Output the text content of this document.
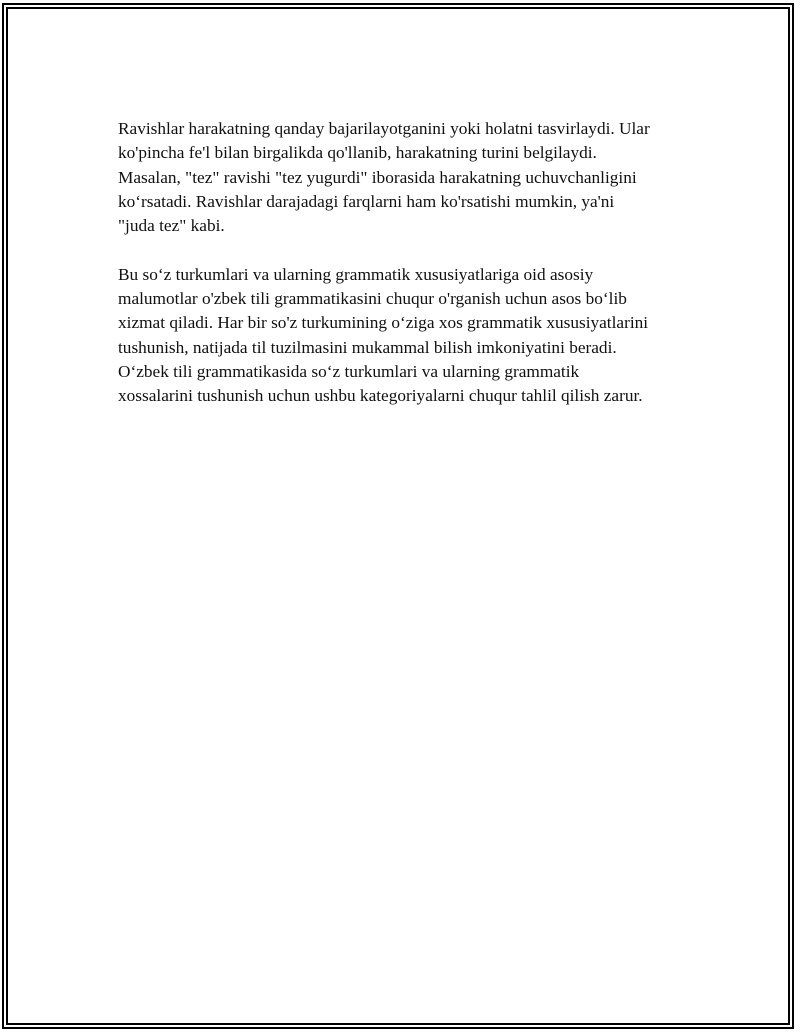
Ravishlar harakatning qanday bajarilayotganini yoki holatni tasvirlaydi. Ular
ko'pincha fe'l bilan birgalikda qo'llanib, harakatning turini belgilaydi.
Masalan, "tez" ravishi "tez yugurdi" iborasida harakatning uchuvchanligini
ko‘rsatadi. Ravishlar darajadagi farqlarni ham ko'rsatishi mumkin, ya'ni
"juda tez" kabi.

Bu so‘z turkumlari va ularning grammatik xususiyatlariga oid asosiy
malumotlar o'zbek tili grammatikasini chuqur o'rganish uchun asos bo‘lib
xizmat qiladi. Har bir so'z turkumining o‘ziga xos grammatik xususiyatlarini
tushunish, natijada til tuzilmasini mukammal bilish imkoniyatini beradi.
O‘zbek tili grammatikasida so‘z turkumlari va ularning grammatik
xossalarini tushunish uchun ushbu kategoriyalarni chuqur tahlil qilish zarur.
